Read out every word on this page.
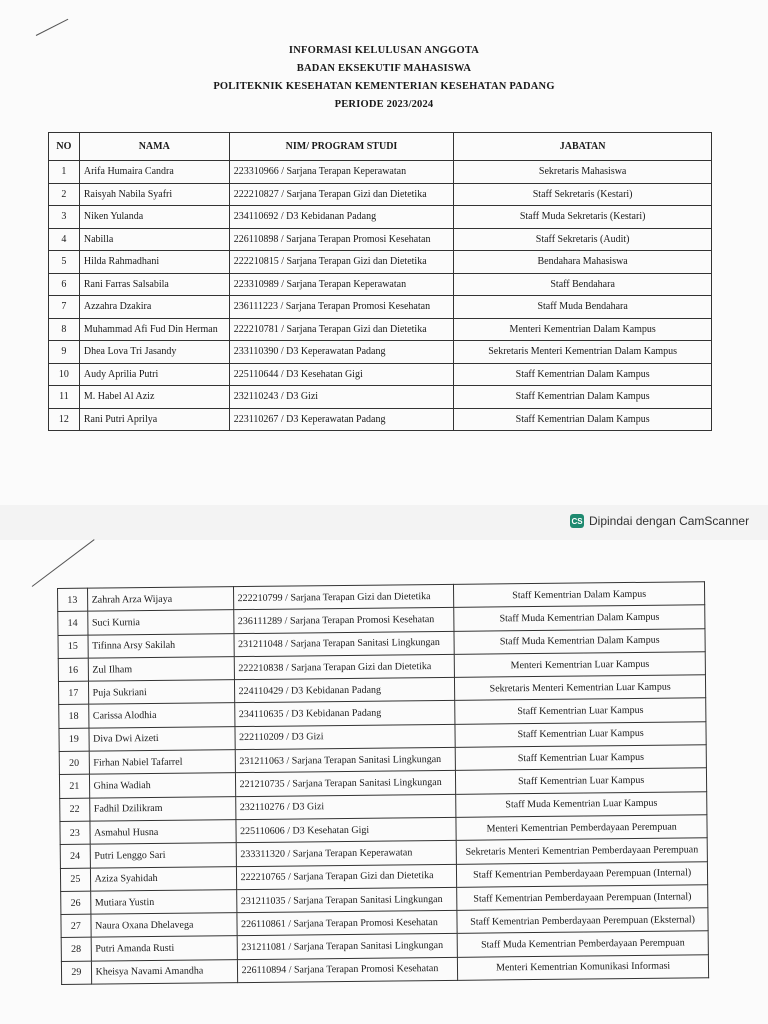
INFORMASI KELULUSAN ANGGOTA
BADAN EKSEKUTIF MAHASISWA
POLITEKNIK KESEHATAN KEMENTERIAN KESEHATAN PADANG
PERIODE 2023/2024
NO	NAMA	NIM/ PROGRAM STUDI	JABATAN
1	Arifa Humaira Candra	223310966 / Sarjana Terapan Keperawatan	Sekretaris Mahasiswa
2	Raisyah Nabila Syafri	222210827 / Sarjana Terapan Gizi dan Dietetika	Staff Sekretaris (Kestari)
3	Niken Yulanda	234110692 / D3 Kebidanan Padang	Staff Muda Sekretaris (Kestari)
4	Nabilla	226110898 / Sarjana Terapan Promosi Kesehatan	Staff Sekretaris (Audit)
5	Hilda Rahmadhani	222210815 / Sarjana Terapan Gizi dan Dietetika	Bendahara Mahasiswa
6	Rani Farras Salsabila	223310989 / Sarjana Terapan Keperawatan	Staff Bendahara
7	Azzahra Dzakira	236111223 / Sarjana Terapan Promosi Kesehatan	Staff Muda Bendahara
8	Muhammad Afi Fud Din Herman	222210781 / Sarjana Terapan Gizi dan Dietetika	Menteri Kementrian Dalam Kampus
9	Dhea Lova Tri Jasandy	233110390 / D3 Keperawatan Padang	Sekretaris Menteri Kementrian Dalam Kampus
10	Audy Aprilia Putri	225110644 / D3 Kesehatan Gigi	Staff Kementrian Dalam Kampus
11	M. Habel Al Aziz	232110243 / D3 Gizi	Staff Kementrian Dalam Kampus
12	Rani Putri Aprilya	223110267 / D3 Keperawatan Padang	Staff Kementrian Dalam Kampus
CS Dipindai dengan CamScanner
13	Zahrah Arza Wijaya	222210799 / Sarjana Terapan Gizi dan Dietetika	Staff Kementrian Dalam Kampus
14	Suci Kurnia	236111289 / Sarjana Terapan Promosi Kesehatan	Staff Muda Kementrian Dalam Kampus
15	Tifinna Arsy Sakilah	231211048 / Sarjana Terapan Sanitasi Lingkungan	Staff Muda Kementrian Dalam Kampus
16	Zul Ilham	222210838 / Sarjana Terapan Gizi dan Dietetika	Menteri Kementrian Luar Kampus
17	Puja Sukriani	224110429 / D3 Kebidanan Padang	Sekretaris Menteri Kementrian Luar Kampus
18	Carissa Alodhia	234110635 / D3 Kebidanan Padang	Staff Kementrian Luar Kampus
19	Diva Dwi Aizeti	222110209 / D3 Gizi	Staff Kementrian Luar Kampus
20	Firhan Nabiel Tafarrel	231211063 / Sarjana Terapan Sanitasi Lingkungan	Staff Kementrian Luar Kampus
21	Ghina Wadiah	221210735 / Sarjana Terapan Sanitasi Lingkungan	Staff Kementrian Luar Kampus
22	Fadhil Dzilikram	232110276 / D3 Gizi	Staff Muda Kementrian Luar Kampus
23	Asmahul Husna	225110606 / D3 Kesehatan Gigi	Menteri Kementrian Pemberdayaan Perempuan
24	Putri Lenggo Sari	233311320 / Sarjana Terapan Keperawatan	Sekretaris Menteri Kementrian Pemberdayaan Perempuan
25	Aziza Syahidah	222210765 / Sarjana Terapan Gizi dan Dietetika	Staff Kementrian Pemberdayaan Perempuan (Internal)
26	Mutiara Yustin	231211035 / Sarjana Terapan Sanitasi Lingkungan	Staff Kementrian Pemberdayaan Perempuan (Internal)
27	Naura Oxana Dhelavega	226110861 / Sarjana Terapan Promosi Kesehatan	Staff Kementrian Pemberdayaan Perempuan (Eksternal)
28	Putri Amanda Rusti	231211081 / Sarjana Terapan Sanitasi Lingkungan	Staff Muda Kementrian Pemberdayaan Perempuan
29	Kheisya Navami Amandha	226110894 / Sarjana Terapan Promosi Kesehatan	Menteri Kementrian Komunikasi Informasi
